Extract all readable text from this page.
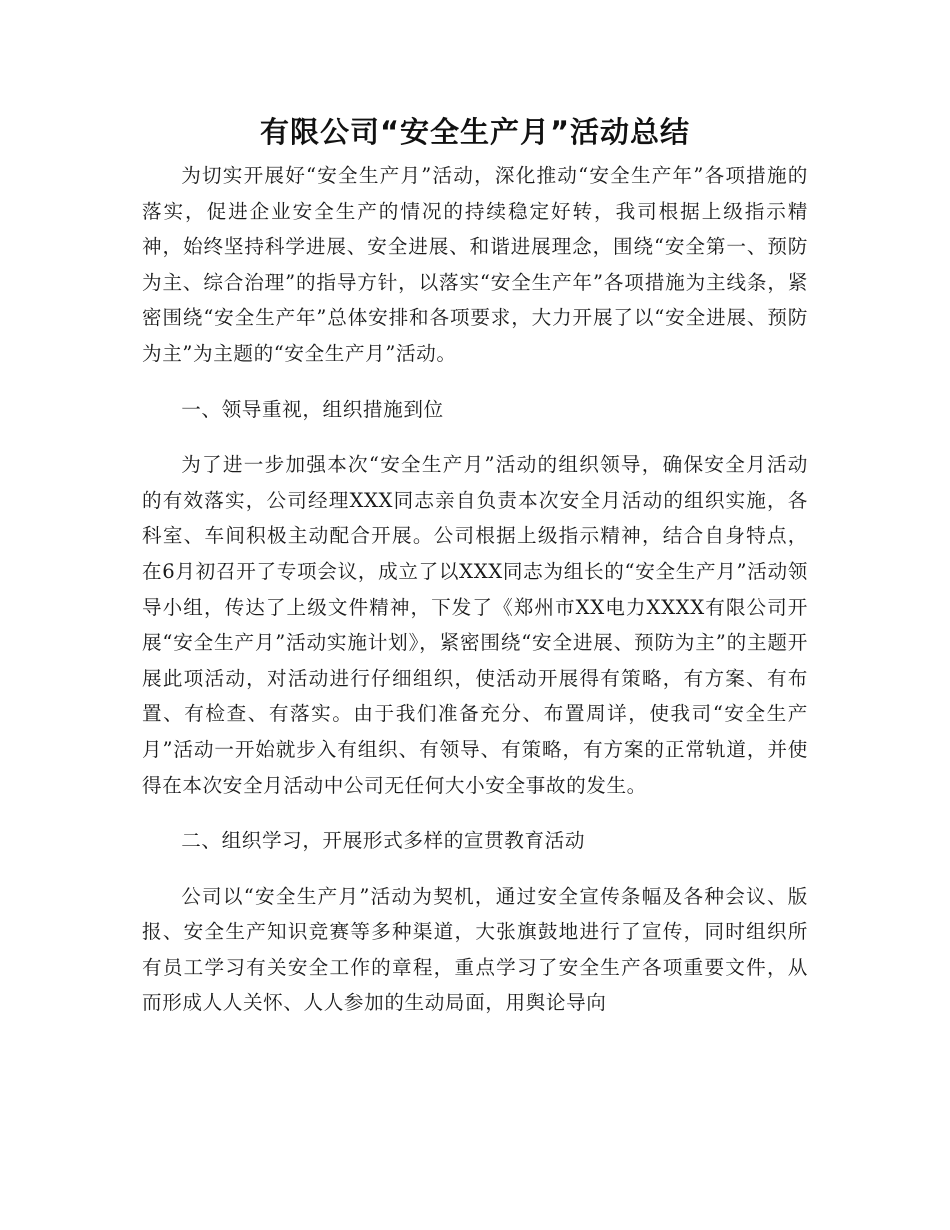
有限公司“安全生产月”活动总结

为切实开展好“安全生产月”活动，深化推动“安全生产年”各项措施的落实，促进企业安全生产的情况的持续稳定好转，我司根据上级指示精神，始终坚持科学进展、安全进展、和谐进展理念，围绕“安全第一、预防为主、综合治理”的指导方针，以落实“安全生产年”各项措施为主线条，紧密围绕“安全生产年”总体安排和各项要求，大力开展了以“安全进展、预防为主”为主题的“安全生产月”活动。

一、领导重视，组织措施到位

为了进一步加强本次“安全生产月”活动的组织领导，确保安全月活动的有效落实，公司经理XXX同志亲自负责本次安全月活动的组织实施，各科室、车间积极主动配合开展。公司根据上级指示精神，结合自身特点，在6月初召开了专项会议，成立了以XXX同志为组长的“安全生产月”活动领导小组，传达了上级文件精神，下发了《郑州市XX电力XXXX有限公司开展“安全生产月”活动实施计划》，紧密围绕“安全进展、预防为主”的主题开展此项活动，对活动进行仔细组织，使活动开展得有策略，有方案、有布置、有检查、有落实。由于我们准备充分、布置周详，使我司“安全生产月”活动一开始就步入有组织、有领导、有策略，有方案的正常轨道，并使得在本次安全月活动中公司无任何大小安全事故的发生。

二、组织学习，开展形式多样的宣贯教育活动

公司以“安全生产月”活动为契机，通过安全宣传条幅及各种会议、版报、安全生产知识竞赛等多种渠道，大张旗鼓地进行了宣传，同时组织所有员工学习有关安全工作的章程，重点学习了安全生产各项重要文件，从而形成人人关怀、人人参加的生动局面，用舆论导向
